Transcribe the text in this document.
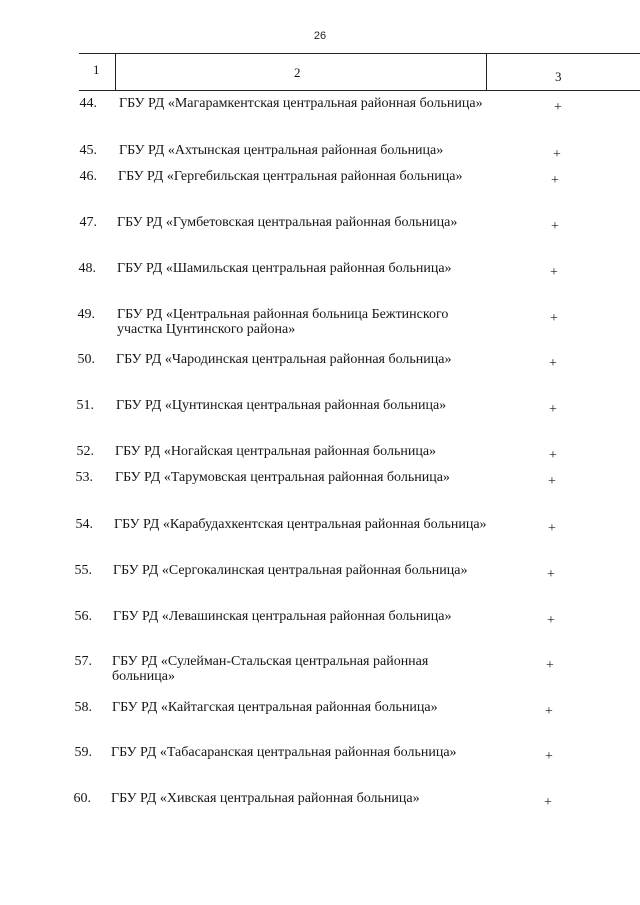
26
1	2	3
44. ГБУ РД «Магарамкентская центральная районная больница»	+
45. ГБУ РД «Ахтынская центральная районная больница»	+
46. ГБУ РД «Гергебильская центральная районная больница»	+
47. ГБУ РД «Гумбетовская центральная районная больница»	+
48. ГБУ РД «Шамильская центральная районная больница»	+
49. ГБУ РД «Центральная районная больница Бежтинского участка Цунтинского района»
+
50. ГБУ РД «Чародинская центральная районная больница»	+
51. ГБУ РД «Цунтинская центральная районная больница»	+
52. ГБУ РД «Ногайская центральная районная больница»	+
53. ГБУ РД «Тарумовская центральная районная больница»	+
54. ГБУ РД «Карабудахкентская центральная районная больница»	+
55. ГБУ РД «Сергокалинская центральная районная больница»	+
56. ГБУ РД «Левашинская центральная районная больница»	+
57. ГБУ РД «Сулейман-Стальская центральная районная больница»
+
58. ГБУ РД «Кайтагская центральная районная больница»	+
59. ГБУ РД «Табасаранская центральная районная больница»	+
60. ГБУ РД «Хивская центральная районная больница»	+
